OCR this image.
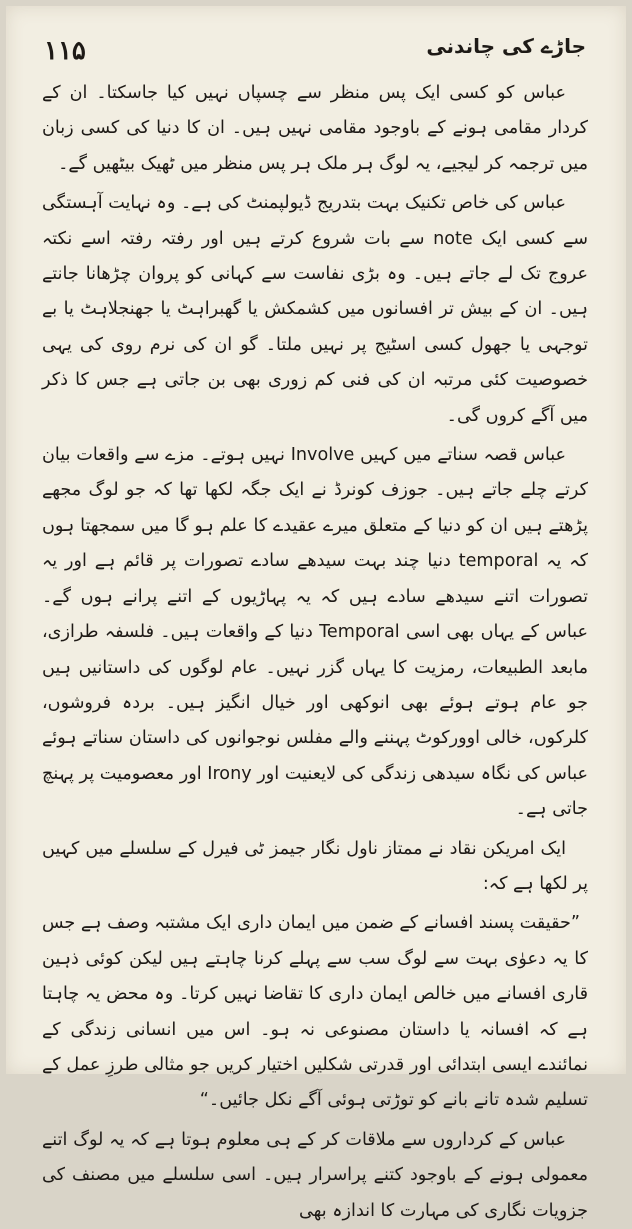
۱۱۵	جاڑے کی چاندنی

عباس کو کسی ایک پس منظر سے چسپاں نہیں کیا جاسکتا۔ ان کے کردار مقامی ہونے کے باوجود مقامی نہیں ہیں۔ ان کا دنیا کی کسی زبان میں ترجمہ کر لیجیے، یہ لوگ ہر ملک ہر پس منظر میں ٹھیک بیٹھیں گے۔

عباس کی خاص تکنیک بہت بتدریج ڈیولپمنٹ کی ہے۔ وہ نہایت آہستگی سے کسی ایک note سے بات شروع کرتے ہیں اور رفتہ رفتہ اسے نکتہ عروج تک لے جاتے ہیں۔ وہ بڑی نفاست سے کہانی کو پروان چڑھانا جانتے ہیں۔ ان کے بیش تر افسانوں میں کشمکش یا گھبراہٹ یا جھنجلاہٹ یا بے توجہی یا جھول کسی اسٹیج پر نہیں ملتا۔ گو ان کی نرم روی کی یہی خصوصیت کئی مرتبہ ان کی فنی کم زوری بھی بن جاتی ہے جس کا ذکر میں آگے کروں گی۔

عباس قصہ سناتے میں کہیں Involve نہیں ہوتے۔ مزے سے واقعات بیان کرتے چلے جاتے ہیں۔ جوزف کونرڈ نے ایک جگہ لکھا تھا کہ جو لوگ مجھے پڑھتے ہیں ان کو دنیا کے متعلق میرے عقیدے کا علم ہو گا میں سمجھتا ہوں کہ یہ temporal دنیا چند بہت سیدھے سادے تصورات پر قائم ہے اور یہ تصورات اتنے سیدھے سادے ہیں کہ یہ پہاڑیوں کے اتنے پرانے ہوں گے۔ عباس کے یہاں بھی اسی Temporal دنیا کے واقعات ہیں۔ فلسفہ طرازی، مابعد الطبیعات، رمزیت کا یہاں گزر نہیں۔ عام لوگوں کی داستانیں ہیں جو عام ہوتے ہوئے بھی انوکھی اور خیال انگیز ہیں۔ بردہ فروشوں، کلرکوں، خالی اوورکوٹ پہننے والے مفلس نوجوانوں کی داستان سناتے ہوئے عباس کی نگاہ سیدھی زندگی کی لایعنیت اور Irony اور معصومیت پر پہنچ جاتی ہے۔

ایک امریکن نقاد نے ممتاز ناول نگار جیمز ٹی فیرل کے سلسلے میں کہیں پر لکھا ہے کہ:

”حقیقت پسند افسانے کے ضمن میں ایمان داری ایک مشتبہ وصف ہے جس کا یہ دعوٰی بہت سے لوگ سب سے پہلے کرنا چاہتے ہیں لیکن کوئی ذہین قاری افسانے میں خالص ایمان داری کا تقاضا نہیں کرتا۔ وہ محض یہ چاہتا ہے کہ افسانہ یا داستان مصنوعی نہ ہو۔ اس میں انسانی زندگی کے نمائندے ایسی ابتدائی اور قدرتی شکلیں اختیار کریں جو مثالی طرزِ عمل کے تسلیم شدہ تانے بانے کو توڑتی ہوئی آگے نکل جائیں۔“

عباس کے کرداروں سے ملاقات کر کے ہی معلوم ہوتا ہے کہ یہ لوگ اتنے معمولی ہونے کے باوجود کتنے پراسرار ہیں۔ اسی سلسلے میں مصنف کی جزویات نگاری کی مہارت کا اندازہ بھی
